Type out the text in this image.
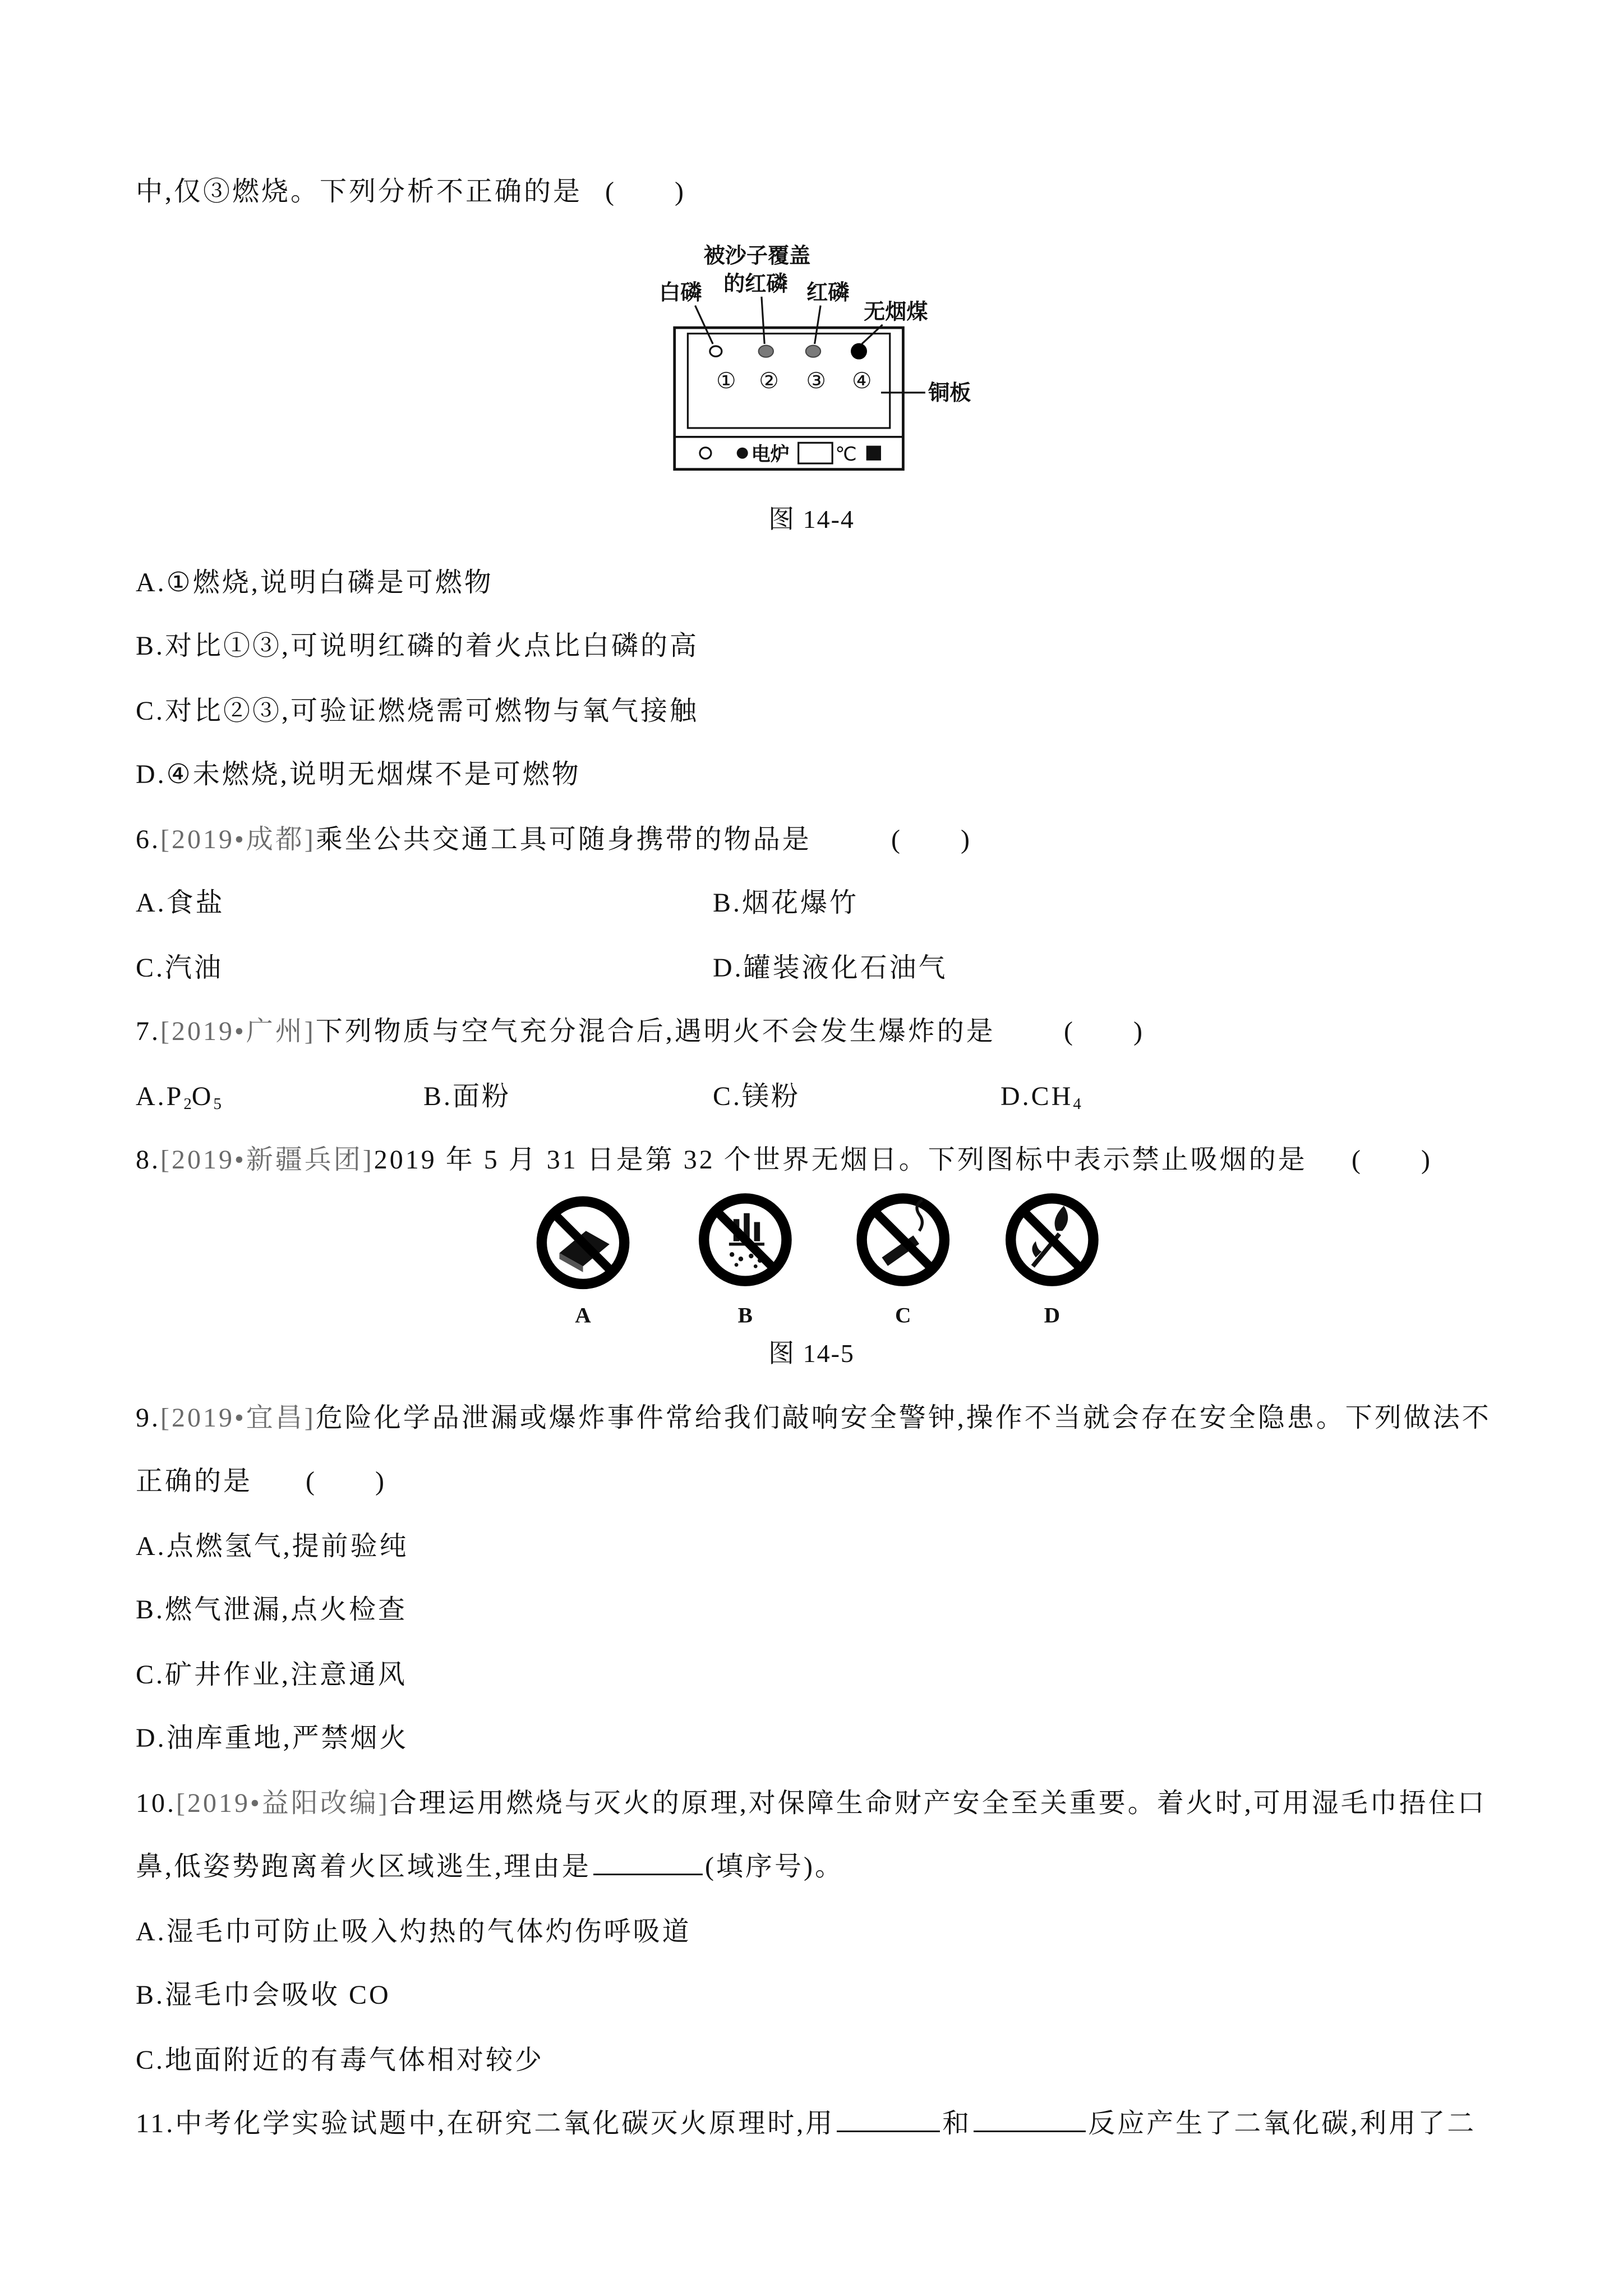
中,仅③燃烧。下列分析不正确的是 (　　)
被沙子覆盖
的红磷
白磷	红磷
无烟煤
①	②	③	④	铜板
电炉	℃
图 14-4
A.①燃烧,说明白磷是可燃物
B.对比①③,可说明红磷的着火点比白磷的高
C.对比②③,可验证燃烧需可燃物与氧气接触
D.④未燃烧,说明无烟煤不是可燃物
6.[2019•成都]乘坐公共交通工具可随身携带的物品是	(　　)
A.食盐	B.烟花爆竹
C.汽油	D.罐装液化石油气
7.[2019•广州]下列物质与空气充分混合后,遇明火不会发生爆炸的是	(　　)
$A.P_2O_5$	B.面粉	C.镁粉	$D.CH_4$
8.[2019•新疆兵团]2019 年 5 月 31 日是第 32 个世界无烟日。下列图标中表示禁止吸烟的是 (　　)
A	B	C	D
图 14-5
9.[2019•宜昌]危险化学品泄漏或爆炸事件常给我们敲响安全警钟,操作不当就会存在安全隐患。下列做法不
正确的是 (　　)
A.点燃氢气,提前验纯
B.燃气泄漏,点火检查
C.矿井作业,注意通风
D.油库重地,严禁烟火
10.[2019•益阳改编]合理运用燃烧与灭火的原理,对保障生命财产安全至关重要。着火时,可用湿毛巾捂住口
鼻,低姿势跑离着火区域逃生,理由是	(填序号)。
A.湿毛巾可防止吸入灼热的气体灼伤呼吸道
B.湿毛巾会吸收 CO
C.地面附近的有毒气体相对较少
11.中考化学实验试题中,在研究二氧化碳灭火原理时,用	和	反应产生了二氧化碳,利用了二
